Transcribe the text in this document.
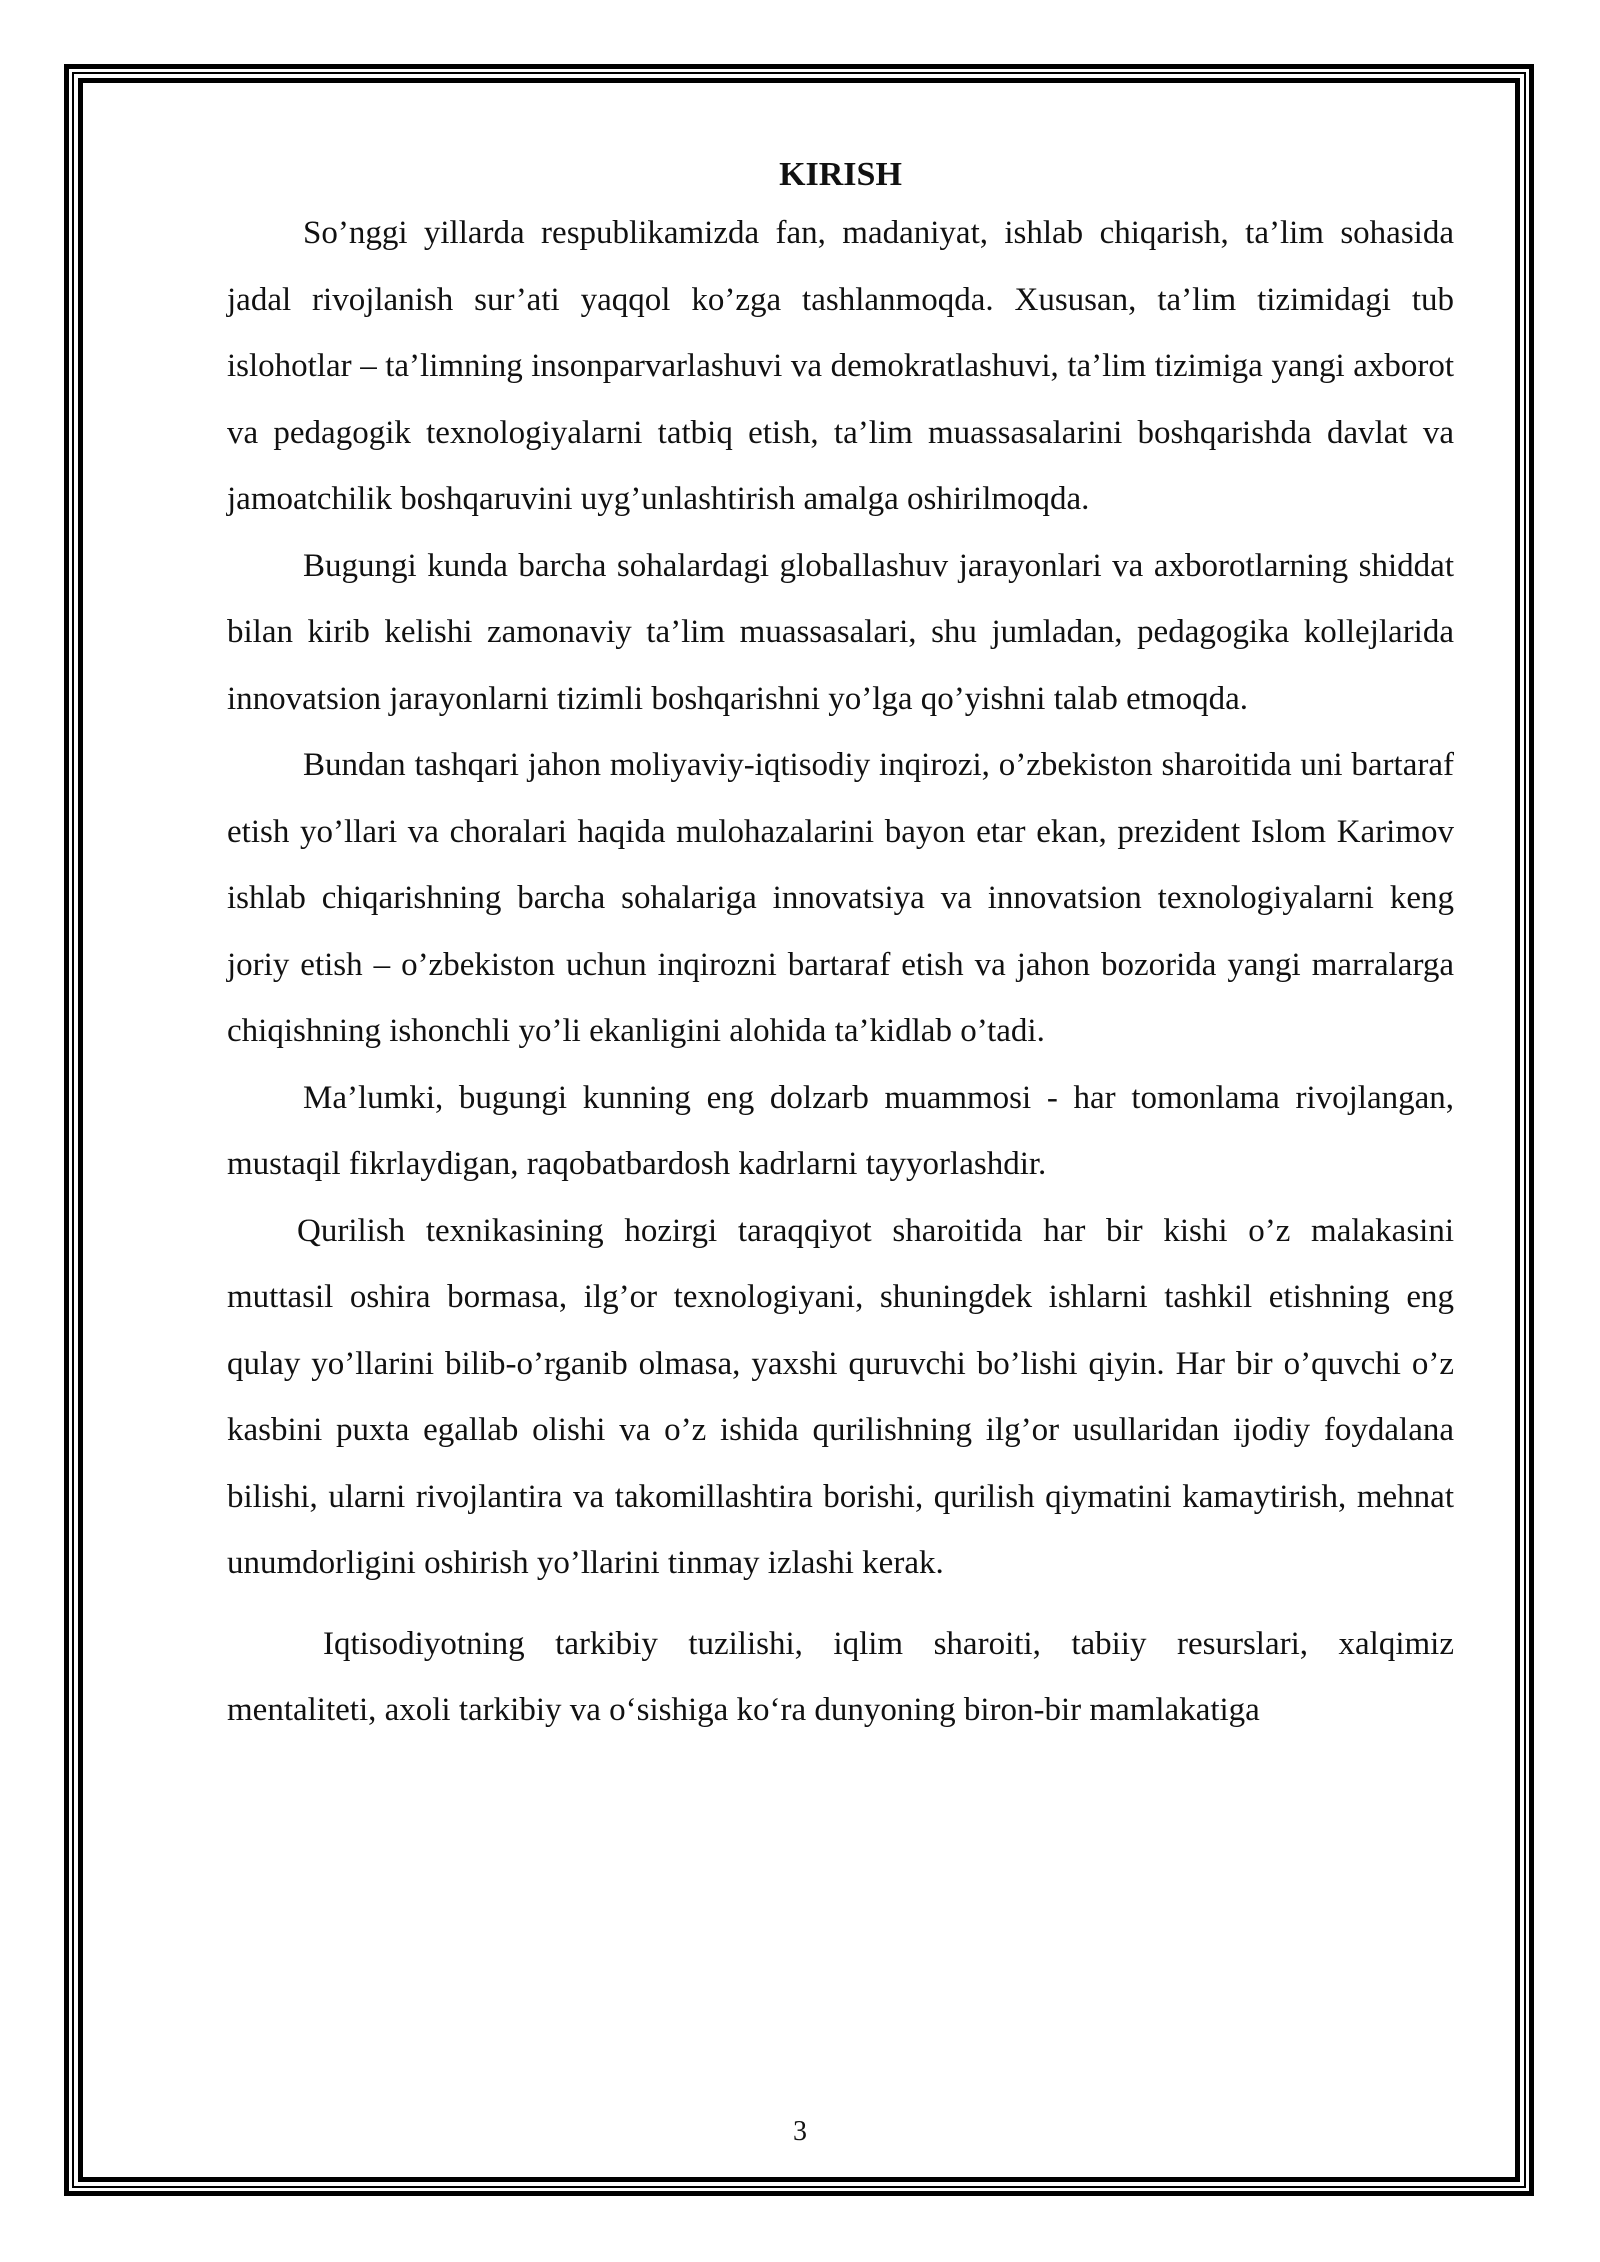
KIRISH

So’nggi yillarda respublikamizda fan, madaniyat, ishlab chiqarish, ta’lim sohasida jadal rivojlanish sur’ati yaqqol ko’zga tashlanmoqda. Xususan, ta’lim tizimidagi tub islohotlar – ta’limning insonparvarlashuvi va demokratlashuvi, ta’lim tizimiga yangi axborot va pedagogik texnologiyalarni tatbiq etish, ta’lim muassasalarini boshqarishda davlat va jamoatchilik boshqaruvini uyg’unlashtirish amalga oshirilmoqda.

Bugungi kunda barcha sohalardagi globallashuv jarayonlari va axborotlarning shiddat bilan kirib kelishi zamonaviy ta’lim muassasalari, shu jumladan, pedagogika kollejlarida innovatsion jarayonlarni tizimli boshqarishni yo’lga qo’yishni talab etmoqda.

Bundan tashqari jahon moliyaviy-iqtisodiy inqirozi, o’zbekiston sharoitida uni bartaraf etish yo’llari va choralari haqida mulohazalarini bayon etar ekan, prezident Islom Karimov ishlab chiqarishning barcha sohalariga innovatsiya va innovatsion texnologiyalarni keng joriy etish – o’zbekiston uchun inqirozni bartaraf etish va jahon bozorida yangi marralarga chiqishning ishonchli yo’li ekanligini alohida ta’kidlab o’tadi.

Ma’lumki, bugungi kunning eng dolzarb muammosi - har tomonlama rivojlangan, mustaqil fikrlaydigan, raqobatbardosh kadrlarni tayyorlashdir.

Qurilish texnikasining hozirgi taraqqiyot sharoitida har bir kishi o’z malakasini muttasil oshira bormasa, ilg’or texnologiyani, shuningdek ishlarni tashkil etishning eng qulay yo’llarini bilib-o’rganib olmasa, yaxshi quruvchi bo’lishi qiyin. Har bir o’quvchi o’z kasbini puxta egallab olishi va o’z ishida qurilishning ilg’or usullaridan ijodiy foydalana bilishi, ularni rivojlantira va takomillashtira borishi, qurilish qiymatini kamaytirish, mehnat unumdorligini oshirish yo’llarini tinmay izlashi kerak.

Iqtisodiyotning tarkibiy tuzilishi, iqlim sharoiti, tabiiy resurslari, xalqimiz mentaliteti, axoli tarkibiy va o‘sishiga ko‘ra dunyoning biron-bir mamlakatiga

3
